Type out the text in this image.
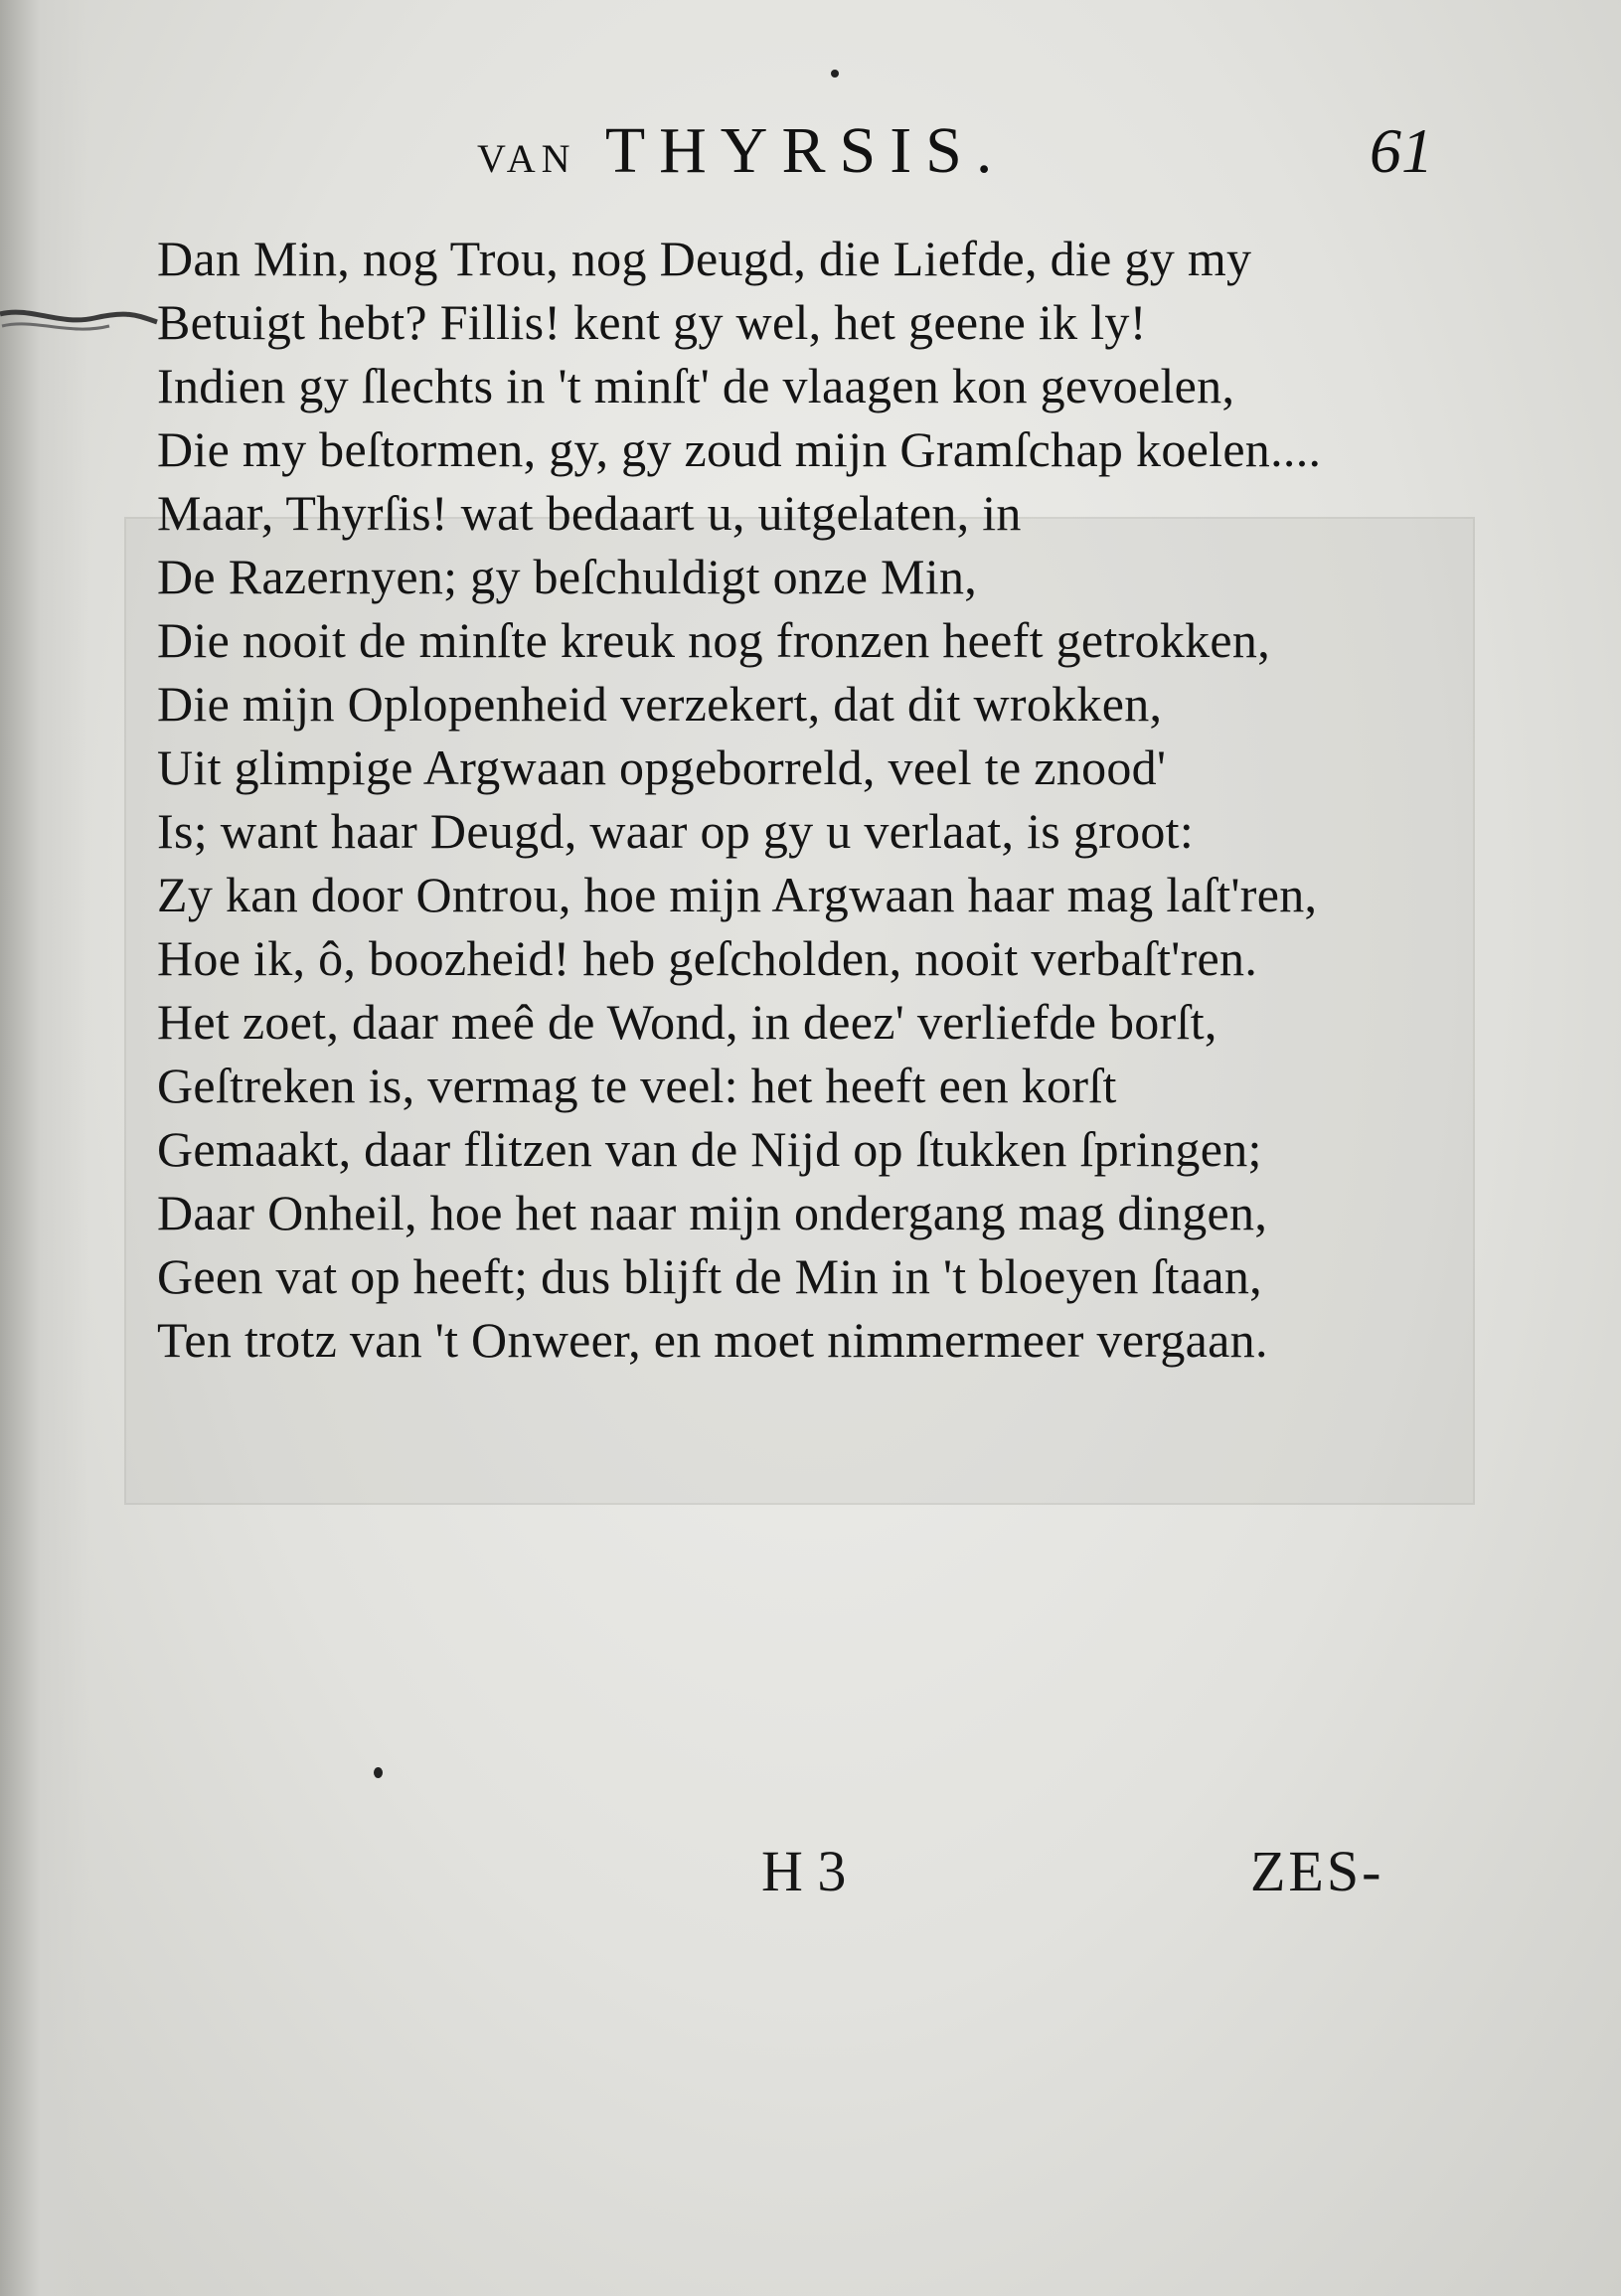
VAN THYRSIS.	61
Dan Min, nog Trou, nog Deugd, die Liefde, die gy my
Betuigt hebt? Fillis! kent gy wel, het geene ik ly!
Indien gy ſlechts in 't minſt' de vlaagen kon gevoelen,
Die my beſtormen, gy, gy zoud mijn Gramſchap koelen....
Maar, Thyrſis! wat bedaart u, uitgelaten, in
De Razernyen; gy beſchuldigt onze Min,
Die nooit de minſte kreuk nog fronzen heeft getrokken,
Die mijn Oplopenheid verzekert, dat dit wrokken,
Uit glimpige Argwaan opgeborreld, veel te znood'
Is; want haar Deugd, waar op gy u verlaat, is groot:
Zy kan door Ontrou, hoe mijn Argwaan haar mag laſt'ren,
Hoe ik, ô, boozheid! heb geſcholden, nooit verbaſt'ren.
Het zoet, daar meê de Wond, in deez' verliefde borſt,
Geſtreken is, vermag te veel: het heeft een korſt
Gemaakt, daar flitzen van de Nijd op ſtukken ſpringen;
Daar Onheil, hoe het naar mijn ondergang mag dingen,
Geen vat op heeft; dus blijft de Min in 't bloeyen ſtaan,
Ten trotz van 't Onweer, en moet nimmermeer vergaan.
H 3	ZES-
